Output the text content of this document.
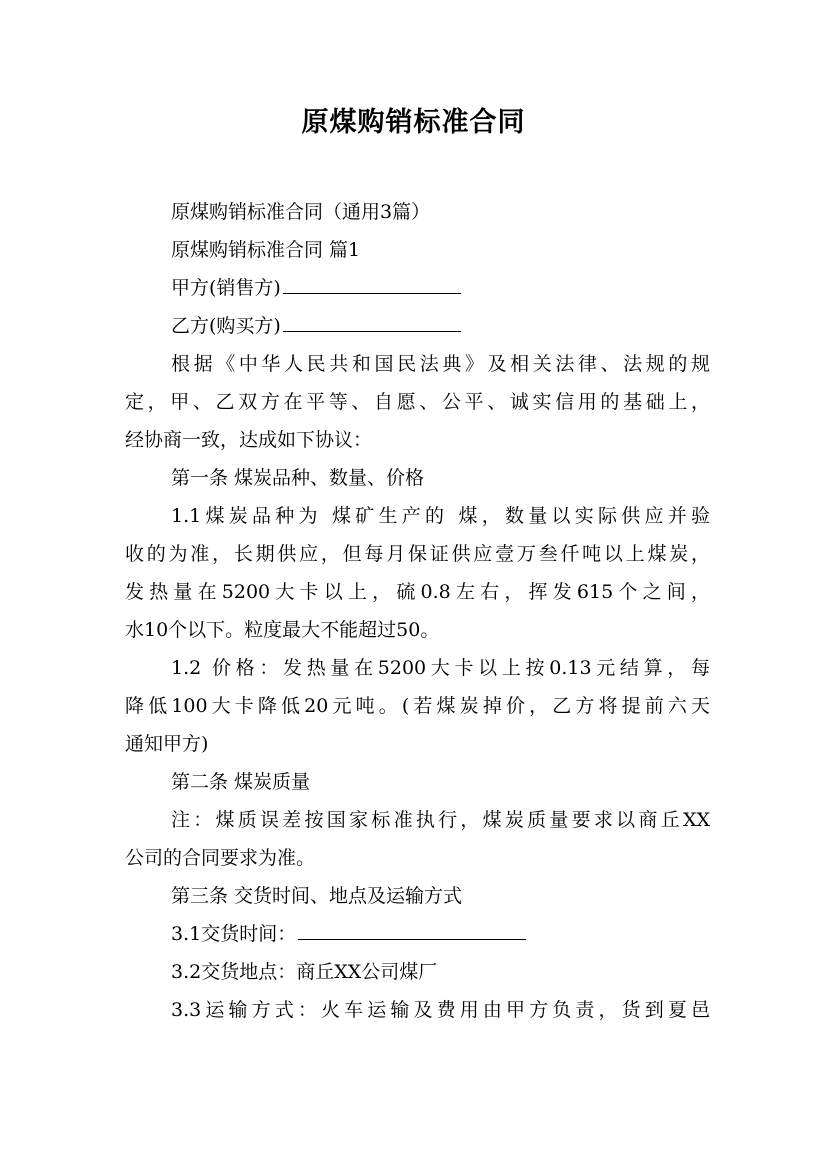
原煤购销标准合同
原煤购销标准合同（通用3篇）
原煤购销标准合同 篇1
甲方(销售方)
乙方(购买方)
根据《中华人民共和国民法典》及相关法律、法规的规
定，甲、乙双方在平等、自愿、公平、诚实信用的基础上，
经协商一致，达成如下协议：
第一条 煤炭品种、数量、价格
1.1煤炭品种为 煤矿生产的 煤，数量以实际供应并验
收的为准，长期供应，但每月保证供应壹万叁仟吨以上煤炭，
发热量在5200大卡以上，硫0.8左右，挥发615个之间，
水10个以下。粒度最大不能超过50。
1.2 价格：发热量在5200大卡以上按0.13元结算，每
降低100大卡降低20元吨。(若煤炭掉价，乙方将提前六天
通知甲方)
第二条 煤炭质量
注：煤质误差按国家标准执行，煤炭质量要求以商丘XX
公司的合同要求为准。
第三条 交货时间、地点及运输方式
3.1交货时间：
3.2交货地点：商丘XX公司煤厂
3.3运输方式：火车运输及费用由甲方负责，货到夏邑
